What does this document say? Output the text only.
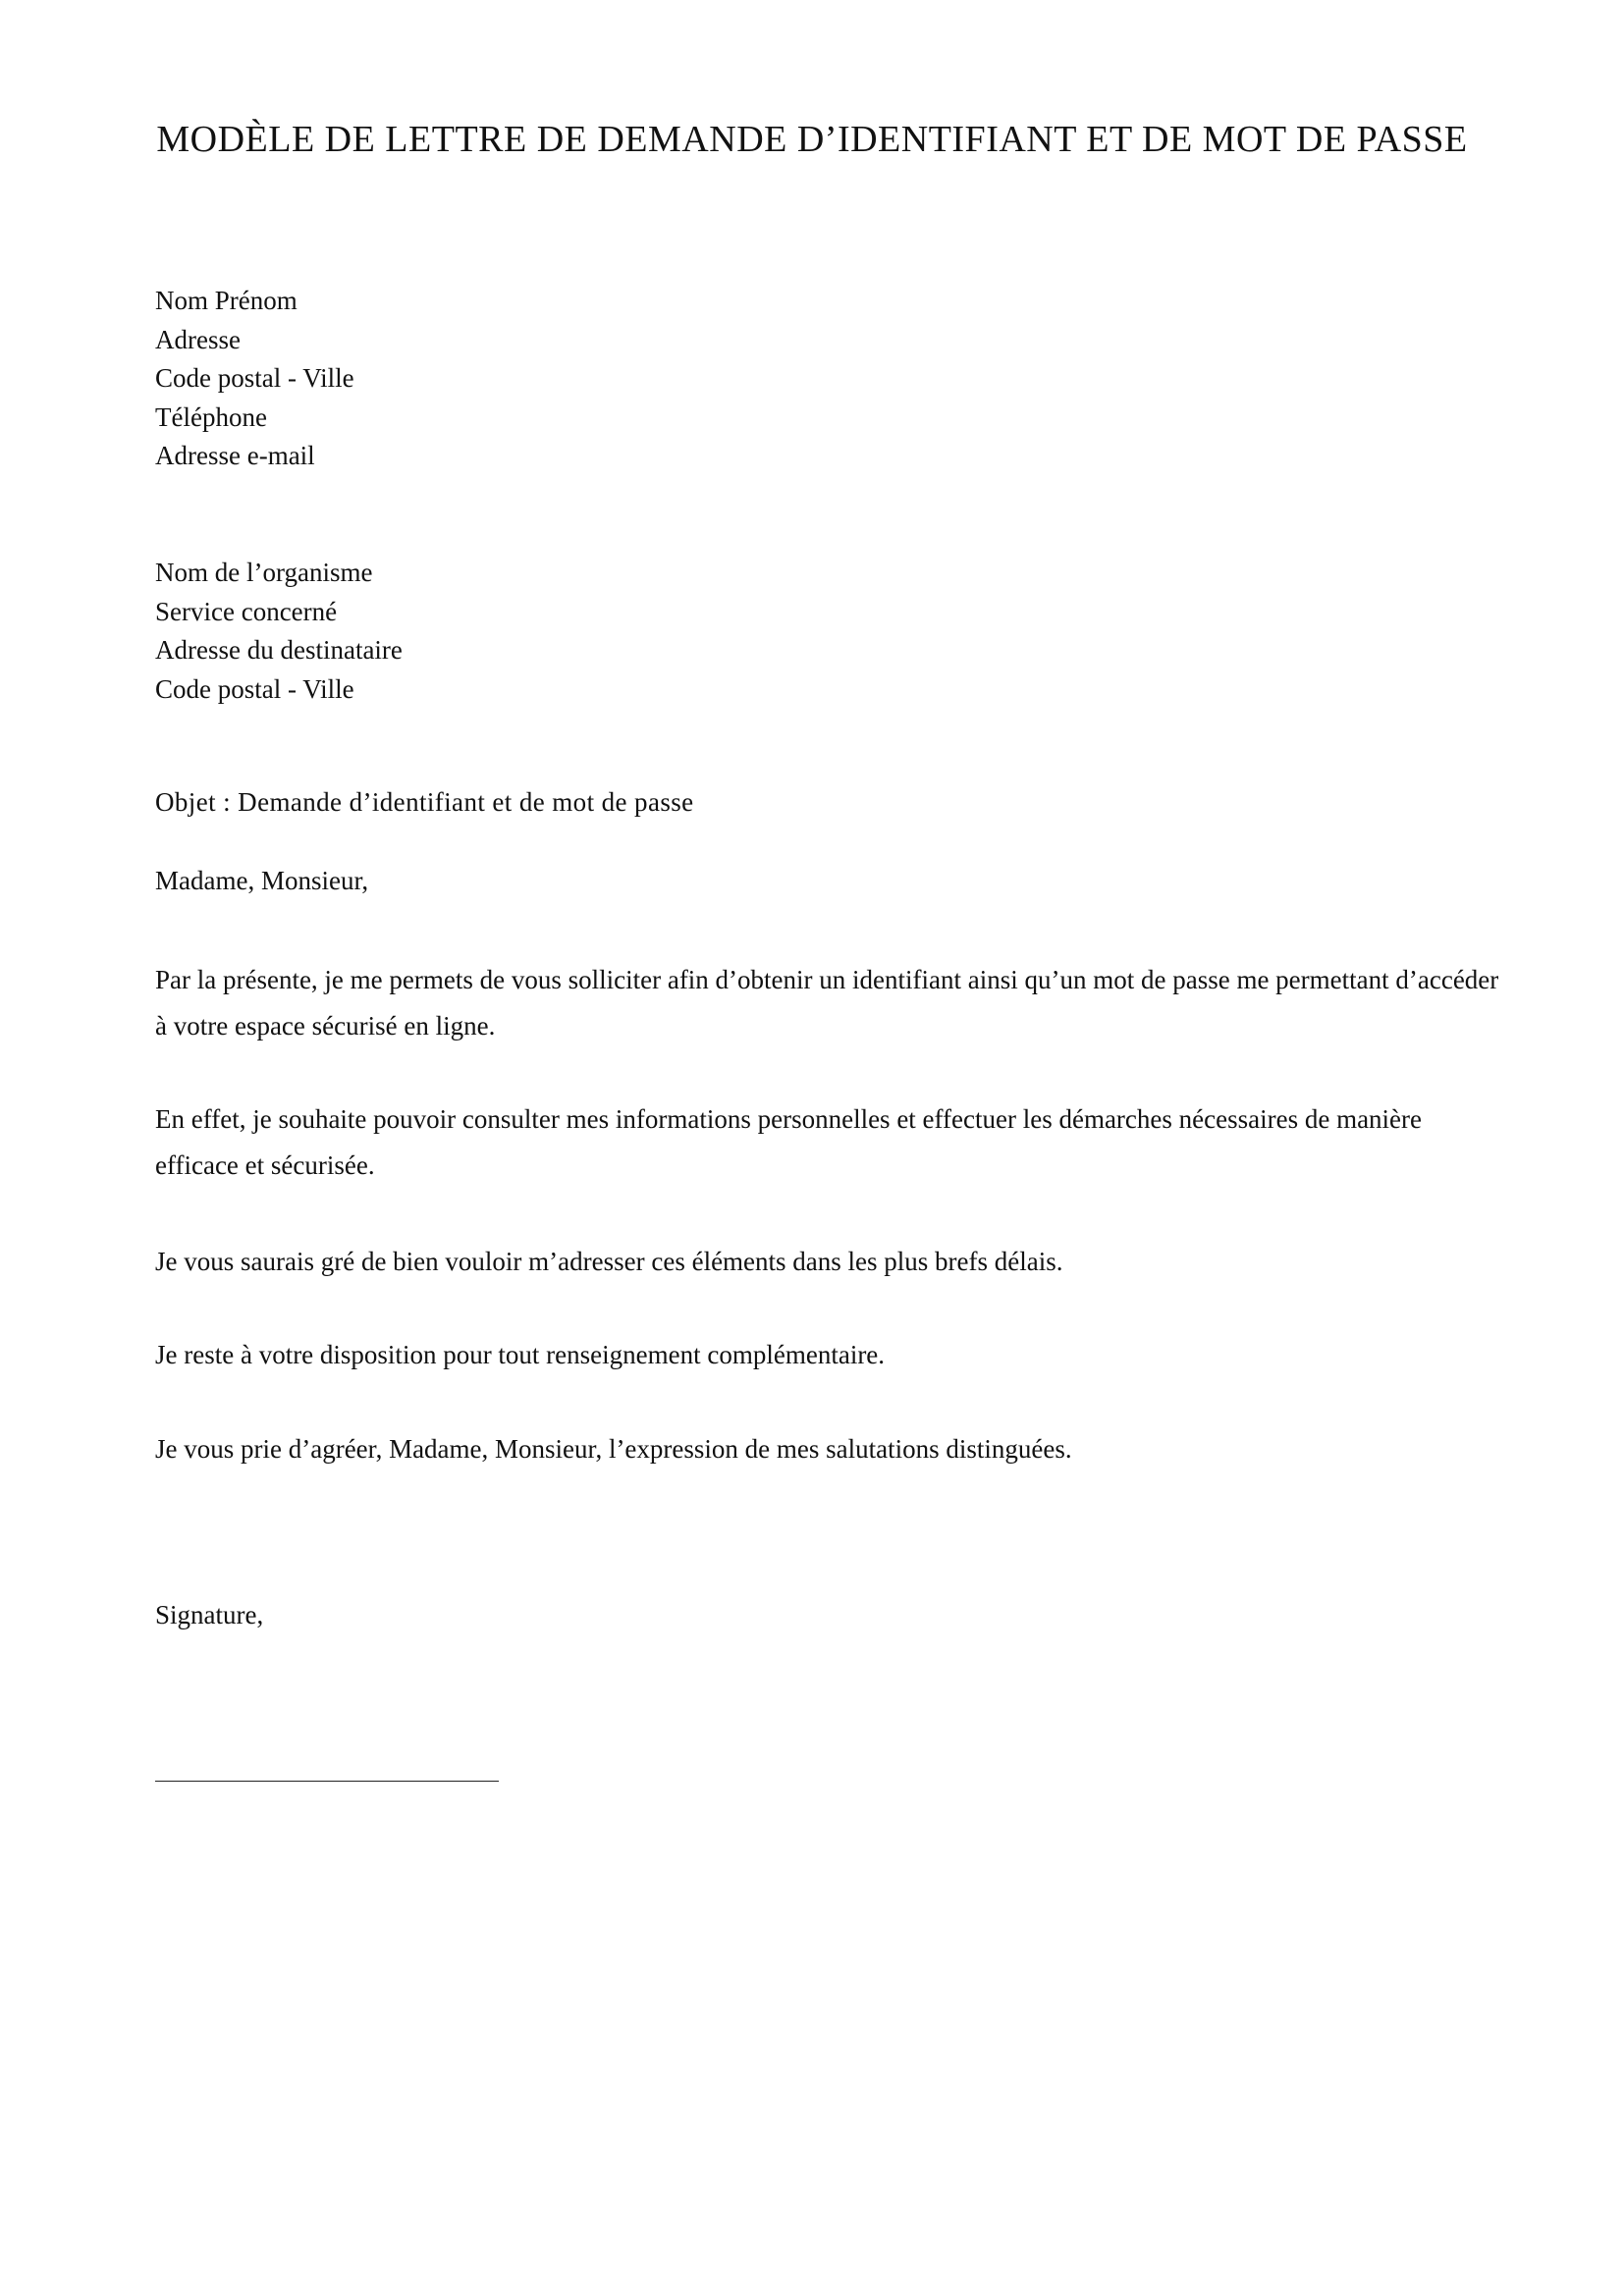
MODÈLE DE LETTRE DE DEMANDE D’IDENTIFIANT ET DE MOT DE PASSE
Nom Prénom
Adresse
Code postal - Ville
Téléphone
Adresse e-mail
Nom de l’organisme
Service concerné
Adresse du destinataire
Code postal - Ville

Objet : Demande d’identifiant et de mot de passe

Madame, Monsieur,

Par la présente, je me permets de vous solliciter afin d’obtenir un identifiant ainsi qu’un mot de passe me permettant d’accéder à votre espace sécurisé en ligne.

En effet, je souhaite pouvoir consulter mes informations personnelles et effectuer les démarches nécessaires de manière efficace et sécurisée.

Je vous saurais gré de bien vouloir m’adresser ces éléments dans les plus brefs délais.

Je reste à votre disposition pour tout renseignement complémentaire.

Je vous prie d’agréer, Madame, Monsieur, l’expression de mes salutations distinguées.

Signature,
